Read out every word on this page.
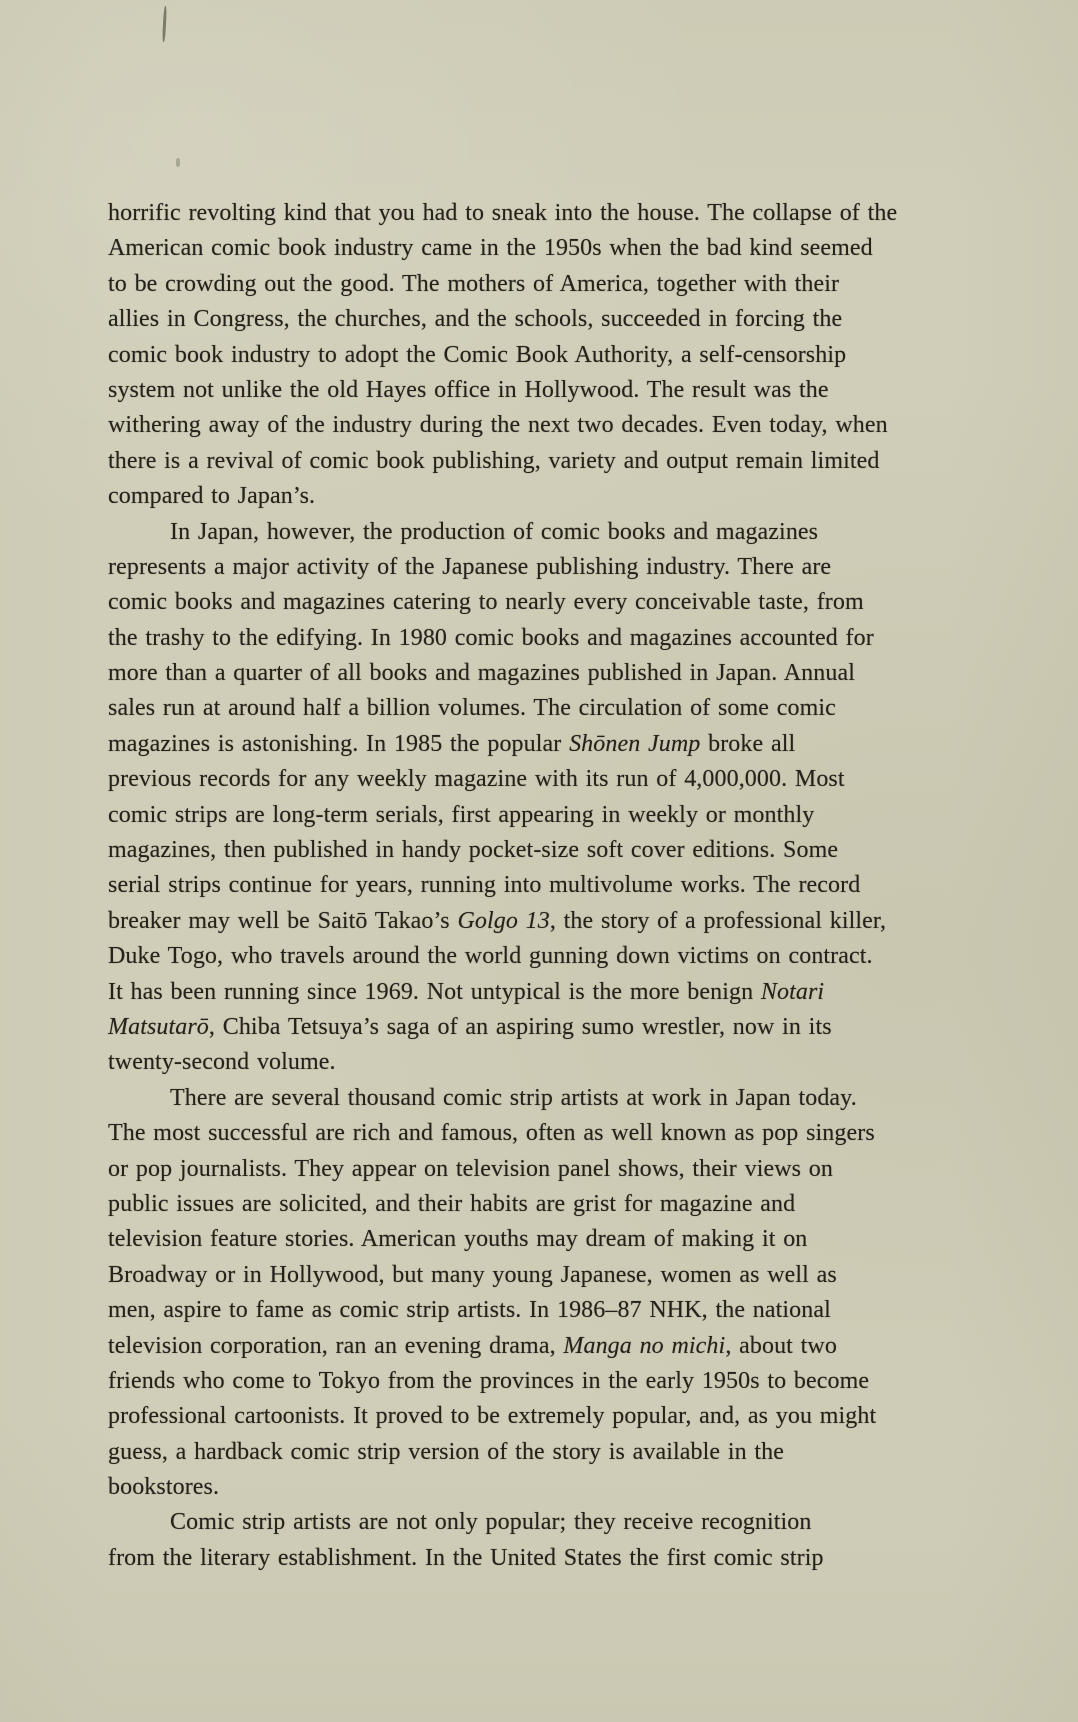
horrific revolting kind that you had to sneak into the house. The collapse of the
American comic book industry came in the 1950s when the bad kind seemed
to be crowding out the good. The mothers of America, together with their
allies in Congress, the churches, and the schools, succeeded in forcing the
comic book industry to adopt the Comic Book Authority, a self-censorship
system not unlike the old Hayes office in Hollywood. The result was the
withering away of the industry during the next two decades. Even today, when
there is a revival of comic book publishing, variety and output remain limited
compared to Japan’s.
In Japan, however, the production of comic books and magazines
represents a major activity of the Japanese publishing industry. There are
comic books and magazines catering to nearly every conceivable taste, from
the trashy to the edifying. In 1980 comic books and magazines accounted for
more than a quarter of all books and magazines published in Japan. Annual
sales run at around half a billion volumes. The circulation of some comic
magazines is astonishing. In 1985 the popular Shōnen Jump broke all
previous records for any weekly magazine with its run of 4,000,000. Most
comic strips are long-term serials, first appearing in weekly or monthly
magazines, then published in handy pocket-size soft cover editions. Some
serial strips continue for years, running into multivolume works. The record
breaker may well be Saitō Takao’s Golgo 13, the story of a professional killer,
Duke Togo, who travels around the world gunning down victims on contract.
It has been running since 1969. Not untypical is the more benign Notari
Matsutarō, Chiba Tetsuya’s saga of an aspiring sumo wrestler, now in its
twenty-second volume.
There are several thousand comic strip artists at work in Japan today.
The most successful are rich and famous, often as well known as pop singers
or pop journalists. They appear on television panel shows, their views on
public issues are solicited, and their habits are grist for magazine and
television feature stories. American youths may dream of making it on
Broadway or in Hollywood, but many young Japanese, women as well as
men, aspire to fame as comic strip artists. In 1986–87 NHK, the national
television corporation, ran an evening drama, Manga no michi, about two
friends who come to Tokyo from the provinces in the early 1950s to become
professional cartoonists. It proved to be extremely popular, and, as you might
guess, a hardback comic strip version of the story is available in the
bookstores.
Comic strip artists are not only popular; they receive recognition
from the literary establishment. In the United States the first comic strip
